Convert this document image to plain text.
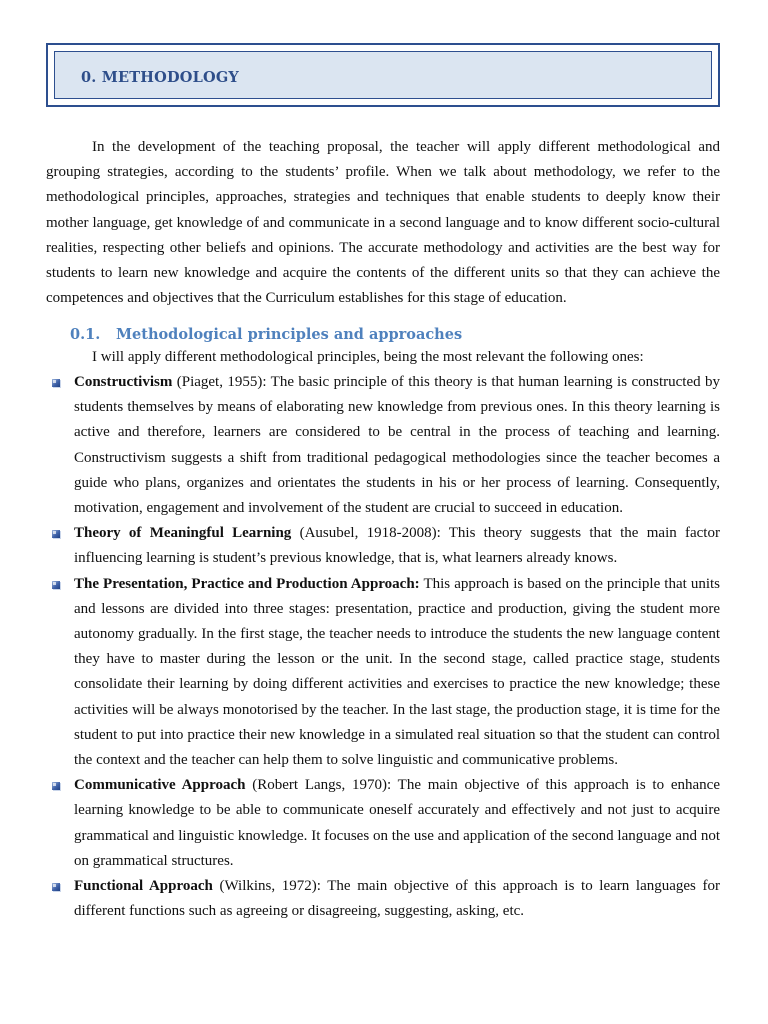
0. METHODOLOGY

In the development of the teaching proposal, the teacher will apply different methodological and grouping strategies, according to the students’ profile. When we talk about methodology, we refer to the methodological principles, approaches, strategies and techniques that enable students to deeply know their mother language, get knowledge of and communicate in a second language and to know different socio-cultural realities, respecting other beliefs and opinions. The accurate methodology and activities are the best way for students to learn new knowledge and acquire the contents of the different units so that they can achieve the competences and objectives that the Curriculum establishes for this stage of education.

0.1. Methodological principles and approaches

I will apply different methodological principles, being the most relevant the following ones:

Constructivism (Piaget, 1955): The basic principle of this theory is that human learning is constructed by students themselves by means of elaborating new knowledge from previous ones. In this theory learning is active and therefore, learners are considered to be central in the process of teaching and learning. Constructivism suggests a shift from traditional pedagogical methodologies since the teacher becomes a guide who plans, organizes and orientates the students in his or her process of learning. Consequently, motivation, engagement and involvement of the student are crucial to succeed in education.
Theory of Meaningful Learning (Ausubel, 1918-2008): This theory suggests that the main factor influencing learning is student’s previous knowledge, that is, what learners already knows.
The Presentation, Practice and Production Approach: This approach is based on the principle that units and lessons are divided into three stages: presentation, practice and production, giving the student more autonomy gradually. In the first stage, the teacher needs to introduce the students the new language content they have to master during the lesson or the unit. In the second stage, called practice stage, students consolidate their learning by doing different activities and exercises to practice the new knowledge; these activities will be always monotorised by the teacher. In the last stage, the production stage, it is time for the student to put into practice their new knowledge in a simulated real situation so that the student can control the context and the teacher can help them to solve linguistic and communicative problems.
Communicative Approach (Robert Langs, 1970): The main objective of this approach is to enhance learning knowledge to be able to communicate oneself accurately and effectively and not just to acquire grammatical and linguistic knowledge. It focuses on the use and application of the second language and not on grammatical structures.
Functional Approach (Wilkins, 1972): The main objective of this approach is to learn languages for different functions such as agreeing or disagreeing, suggesting, asking, etc.
